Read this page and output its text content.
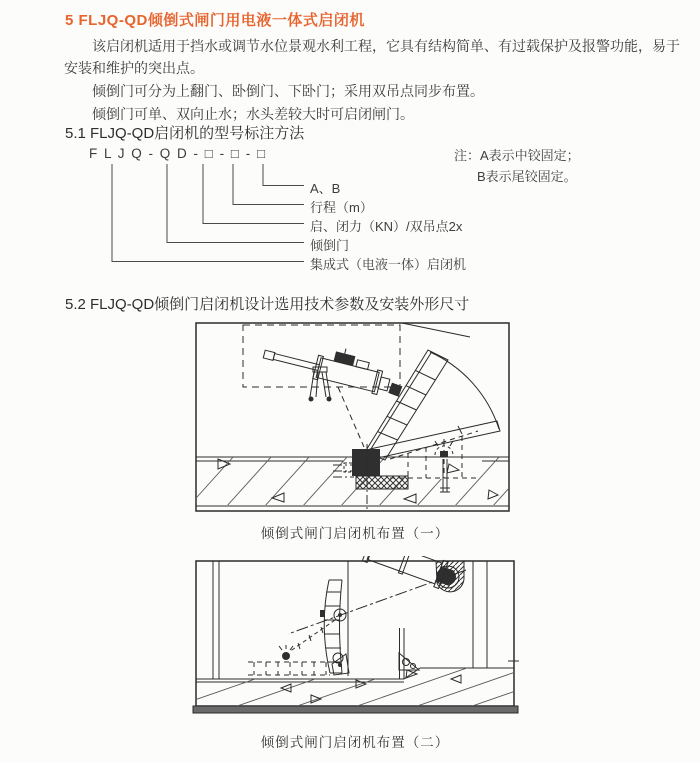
5 FLJQ-QD倾倒式闸门用电液一体式启闭机

该启闭机适用于挡水或调节水位景观水利工程，它具有结构简单、有过载保护及报警功能，易于安装和维护的突出点。

倾倒门可分为上翻门、卧倒门、下卧门；采用双吊点同步布置。

倾倒门可单、双向止水；水头差较大时可启闭闸门。

5.1 FLJQ-QD启闭机的型号标注方法
F L J Q - Q D - □ - □ - □	注：A表示中铰固定；
B表示尾铰固定。
A、B
行程（m）
启、闭力（KN）/双吊点2x
倾倒门
集成式（电液一体）启闭机
5.2 FLJQ-QD倾倒门启闭机设计选用技术参数及安装外形尺寸
倾倒式闸门启闭机布置（一）
倾倒式闸门启闭机布置（二）
